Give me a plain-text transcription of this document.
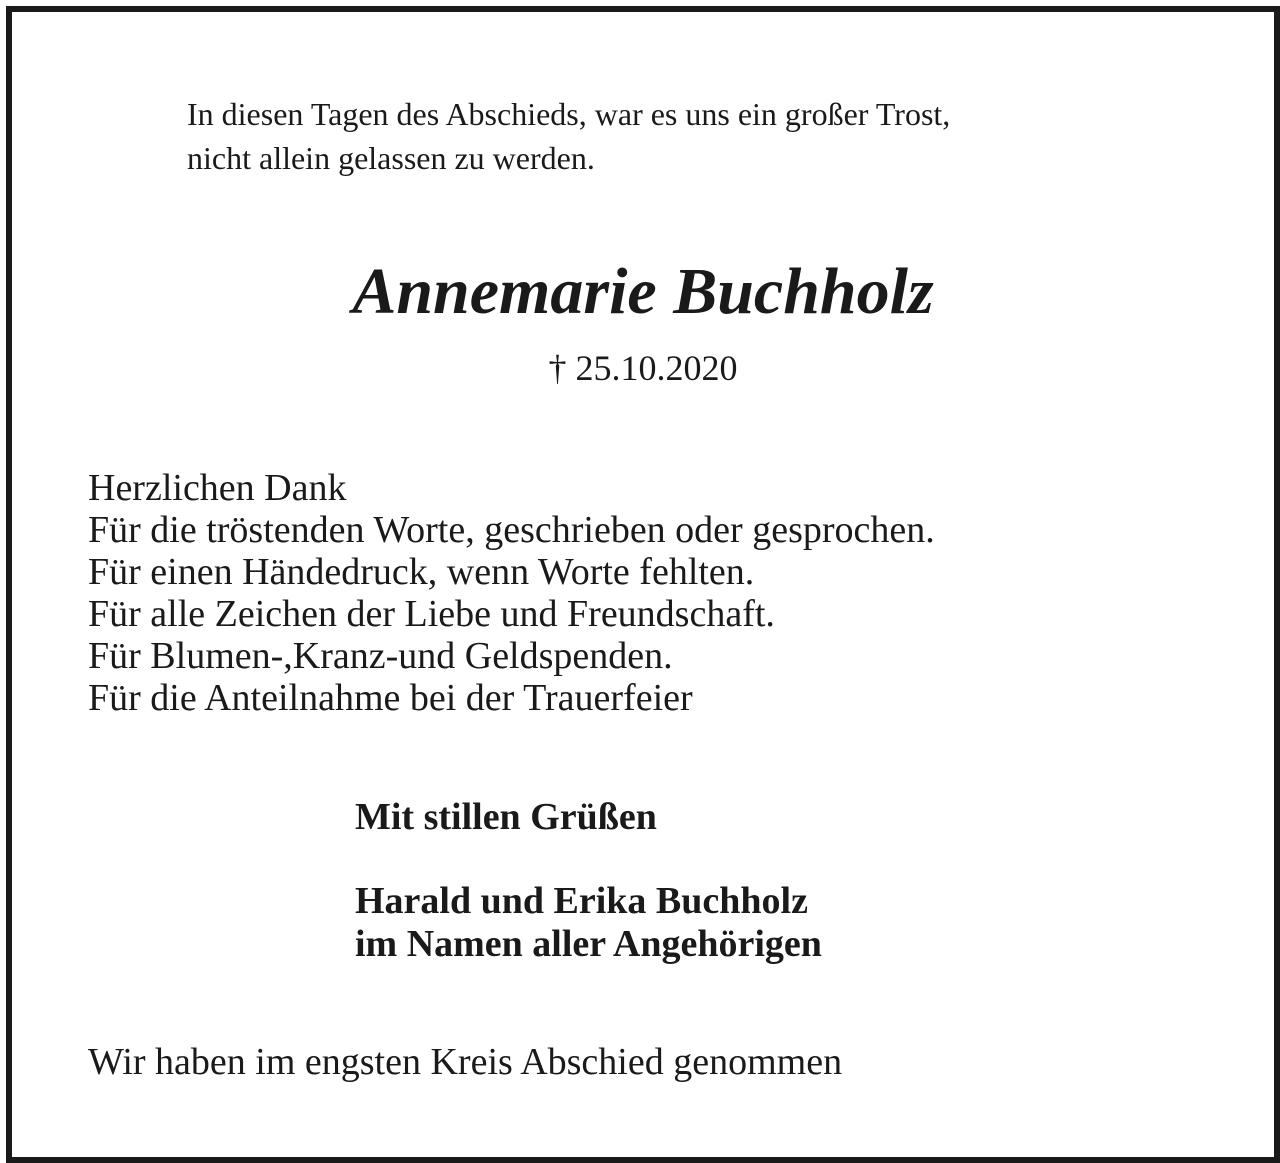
In diesen Tagen des Abschieds, war es uns ein großer Trost,
nicht allein gelassen zu werden.
Annemarie Buchholz
† 25.10.2020
Herzlichen Dank
Für die tröstenden Worte, geschrieben oder gesprochen.
Für einen Händedruck, wenn Worte fehlten.
Für alle Zeichen der Liebe und Freundschaft.
Für Blumen-,Kranz-und Geldspenden.
Für die Anteilnahme bei der Trauerfeier
Mit stillen Grüßen
Harald und Erika Buchholz
im Namen aller Angehörigen
Wir haben im engsten Kreis Abschied genommen
